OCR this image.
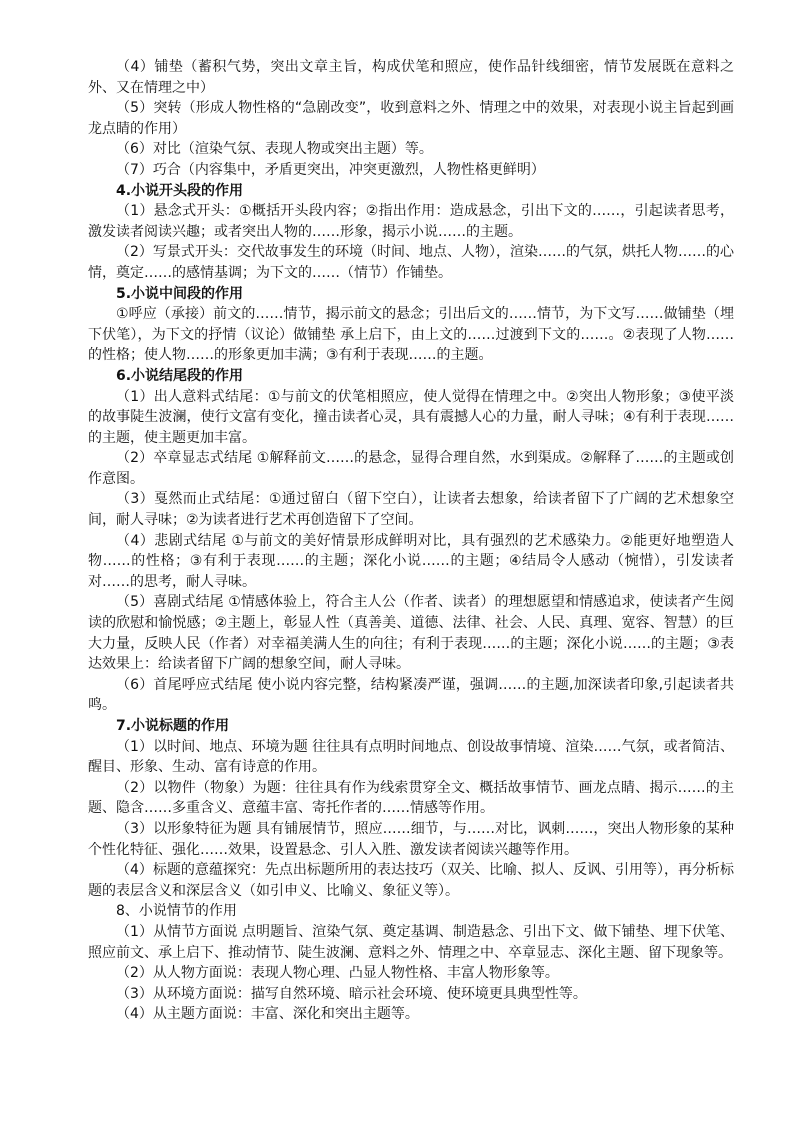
（4）铺垫（蓄积气势，突出文章主旨，构成伏笔和照应，使作品针线细密，情节发展既在意料之外、又在情理之中）

（5）突转（形成人物性格的“急剧改变”，收到意料之外、情理之中的效果，对表现小说主旨起到画龙点睛的作用）

（6）对比（渲染气氛、表现人物或突出主题）等。

（7）巧合（内容集中，矛盾更突出，冲突更激烈，人物性格更鲜明）

4.小说开头段的作用

（1）悬念式开头：①概括开头段内容；②指出作用：造成悬念，引出下文的……，引起读者思考，激发读者阅读兴趣；或者突出人物的……形象，揭示小说……的主题。

（2）写景式开头：交代故事发生的环境（时间、地点、人物），渲染……的气氛，烘托人物……的心情，奠定……的感情基调；为下文的……（情节）作铺垫。

5.小说中间段的作用

①呼应（承接）前文的……情节，揭示前文的悬念；引出后文的……情节，为下文写……做铺垫（埋下伏笔），为下文的抒情（议论）做铺垫 承上启下，由上文的……过渡到下文的……。②表现了人物……的性格；使人物……的形象更加丰满；③有利于表现……的主题。

6.小说结尾段的作用

（1）出人意料式结尾：①与前文的伏笔相照应，使人觉得在情理之中。②突出人物形象；③使平淡的故事陡生波澜，使行文富有变化，撞击读者心灵，具有震撼人心的力量，耐人寻味；④有利于表现……的主题，使主题更加丰富。

（2）卒章显志式结尾 ①解释前文……的悬念，显得合理自然，水到渠成。②解释了……的主题或创作意图。

（3）戛然而止式结尾：①通过留白（留下空白），让读者去想象，给读者留下了广阔的艺术想象空间，耐人寻味；②为读者进行艺术再创造留下了空间。

（4）悲剧式结尾 ①与前文的美好情景形成鲜明对比，具有强烈的艺术感染力。②能更好地塑造人物……的性格；③有利于表现……的主题；深化小说……的主题；④结局令人感动（惋惜），引发读者对……的思考，耐人寻味。

（5）喜剧式结尾 ①情感体验上，符合主人公（作者、读者）的理想愿望和情感追求，使读者产生阅读的欣慰和愉悦感；②主题上，彰显人性（真善美、道德、法律、社会、人民、真理、宽容、智慧）的巨大力量，反映人民（作者）对幸福美满人生的向往；有利于表现……的主题；深化小说……的主题；③表达效果上：给读者留下广阔的想象空间，耐人寻味。

（6）首尾呼应式结尾 使小说内容完整，结构紧凑严谨，强调……的主题,加深读者印象,引起读者共鸣。

7.小说标题的作用

（1）以时间、地点、环境为题 往往具有点明时间地点、创设故事情境、渲染……气氛，或者简洁、醒目、形象、生动、富有诗意的作用。

（2）以物件（物象）为题：往往具有作为线索贯穿全文、概括故事情节、画龙点睛、揭示……的主题、隐含……多重含义、意蕴丰富、寄托作者的……情感等作用。

（3）以形象特征为题 具有铺展情节，照应……细节，与……对比，讽刺……，突出人物形象的某种个性化特征、强化……效果，设置悬念、引人入胜、激发读者阅读兴趣等作用。

（4）标题的意蕴探究：先点出标题所用的表达技巧（双关、比喻、拟人、反讽、引用等），再分析标题的表层含义和深层含义（如引申义、比喻义、象征义等）。

8、小说情节的作用

（1）从情节方面说 点明题旨、渲染气氛、奠定基调、制造悬念、引出下文、做下铺垫、埋下伏笔、照应前文、承上启下、推动情节、陡生波澜、意料之外、情理之中、卒章显志、深化主题、留下现象等。

（2）从人物方面说：表现人物心理、凸显人物性格、丰富人物形象等。

（3）从环境方面说：描写自然环境、暗示社会环境、使环境更具典型性等。

（4）从主题方面说：丰富、深化和突出主题等。
